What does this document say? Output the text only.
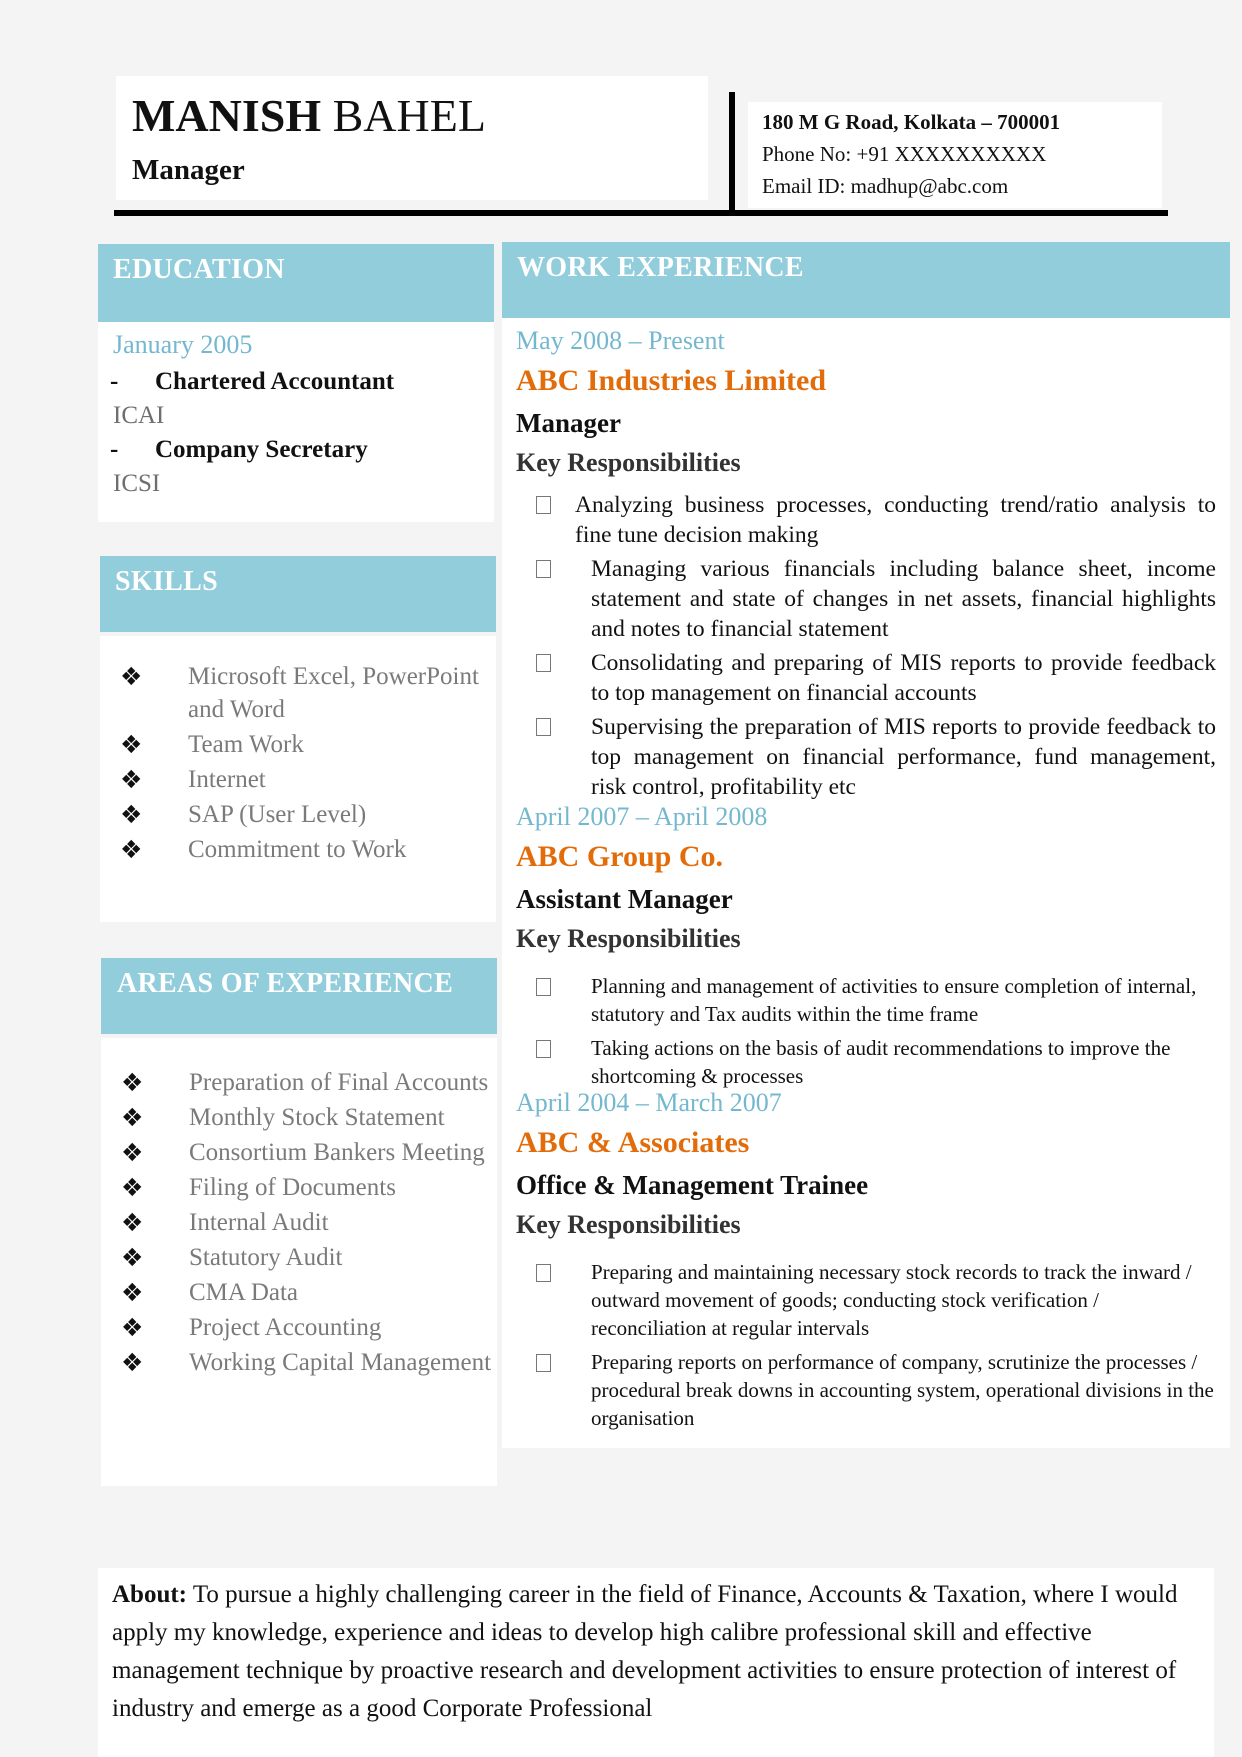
MANISH BAHEL
Manager
180 M G Road, Kolkata – 700001
Phone No: +91 XXXXXXXXXX
Email ID: madhup@abc.com
EDUCATION
January 2005
- Chartered Accountant
ICAI
- Company Secretary
ICSI
SKILLS
❖ Microsoft Excel, PowerPoint and Word
❖ Team Work
❖ Internet
❖ SAP (User Level)
❖ Commitment to Work
AREAS OF EXPERIENCE
❖ Preparation of Final Accounts
❖ Monthly Stock Statement
❖ Consortium Bankers Meeting
❖ Filing of Documents
❖ Internal Audit
❖ Statutory Audit
❖ CMA Data
❖ Project Accounting
❖ Working Capital Management
WORK EXPERIENCE
May 2008 – Present
ABC Industries Limited
Manager
Key Responsibilities
Analyzing business processes, conducting trend/ratio analysis to fine tune decision making
Managing various financials including balance sheet, income statement and state of changes in net assets, financial highlights and notes to financial statement
Consolidating and preparing of MIS reports to provide feedback to top management on financial accounts
Supervising the preparation of MIS reports to provide feedback to top management on financial performance, fund management, risk control, profitability etc
April 2007 – April 2008
ABC Group Co.
Assistant Manager
Key Responsibilities
Planning and management of activities to ensure completion of internal, statutory and Tax audits within the time frame
Taking actions on the basis of audit recommendations to improve the shortcoming & processes
April 2004 – March 2007
ABC & Associates
Office & Management Trainee
Key Responsibilities
Preparing and maintaining necessary stock records to track the inward / outward movement of goods; conducting stock verification / reconciliation at regular intervals
Preparing reports on performance of company, scrutinize the processes / procedural break downs in accounting system, operational divisions in the organisation

About: To pursue a highly challenging career in the field of Finance, Accounts & Taxation, where I would apply my knowledge, experience and ideas to develop high calibre professional skill and effective management technique by proactive research and development activities to ensure protection of interest of industry and emerge as a good Corporate Professional
